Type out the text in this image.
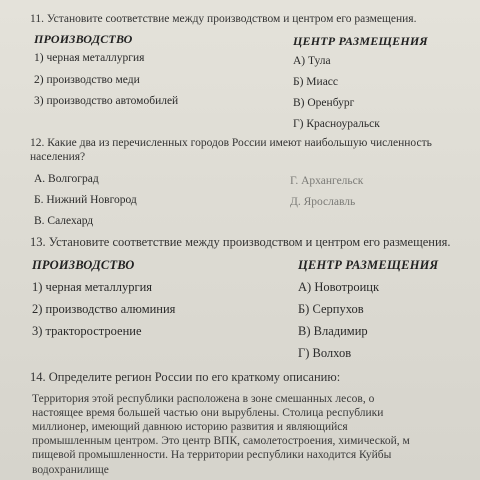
11. Установите соответствие между производством и центром его размещения.
ПРОИЗВОДСТВО	ЦЕНТР РАЗМЕЩЕНИЯ
1) черная металлургия
2) производство меди
3) производство автомобилей
А) Тула
Б) Миасс
В) Оренбург
Г) Красноуральск
12. Какие два из перечисленных городов России имеют наибольшую численность
населения?
А. Волгоград
Б. Нижний Новгород
В. Салехард
Г. Архангельск
Д. Ярославль
13. Установите соответствие между производством и центром его размещения.
ПРОИЗВОДСТВО	ЦЕНТР РАЗМЕЩЕНИЯ
1) черная металлургия
2) производство алюминия
3) тракторостроение
А) Новотроицк
Б) Серпухов
В) Владимир
Г) Волхов
14. Определите регион России по его краткому описанию:
Территория этой республики расположена в зоне смешанных лесов, о
настоящее время большей частью они вырублены. Столица республики
миллионер, имеющий давнюю историю развития и являющийся
промышленным центром. Это центр ВПК, самолетостроения, химической, м
пищевой промышленности. На территории республики находится Куйбы
водохранилище
